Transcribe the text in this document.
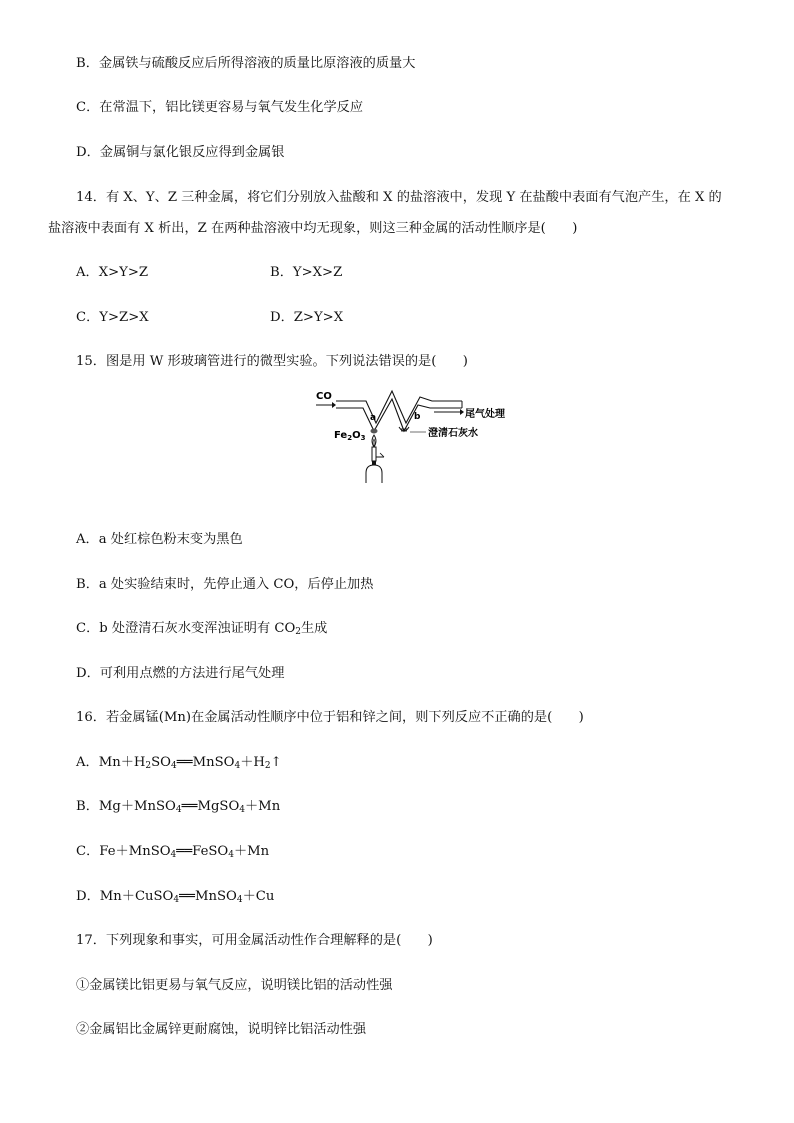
B．金属铁与硫酸反应后所得溶液的质量比原溶液的质量大
C．在常温下，铝比镁更容易与氧气发生化学反应
D．金属铜与氯化银反应得到金属银
14．有 X、Y、Z 三种金属，将它们分别放入盐酸和 X 的盐溶液中，发现 Y 在盐酸中表面有气泡产生，在 X 的
盐溶液中表面有 X 析出，Z 在两种盐溶液中均无现象，则这三种金属的活动性顺序是(　　)
A．X>Y>Z	B．Y>X>Z
C．Y>Z>X	D．Z>Y>X
15．图是用 W 形玻璃管进行的微型实验。下列说法错误的是(　　)
CO
尾气处理
a	b
$Fe_2O_3$	澄清石灰水
A．a 处红棕色粉末变为黑色
B．a 处实验结束时，先停止通入 CO，后停止加热
C．b 处澄清石灰水变浑浊证明有 $CO_2$生成
D．可利用点燃的方法进行尾气处理
16．若金属锰(Mn)在金属活动性顺序中位于铝和锌之间，则下列反应不正确的是(　　)
A．$Mn+H_2SO_4══MnSO_4+H_2↑$
B．Mg＋MnSO$_4$══MgSO$_4$＋Mn
C．Fe＋MnSO$_4$══FeSO$_4$＋Mn
D．Mn＋CuSO$_4$══MnSO$_4$＋Cu
17．下列现象和事实，可用金属活动性作合理解释的是(　　)
①金属镁比铝更易与氧气反应，说明镁比铝的活动性强
②金属铝比金属锌更耐腐蚀，说明锌比铝活动性强
